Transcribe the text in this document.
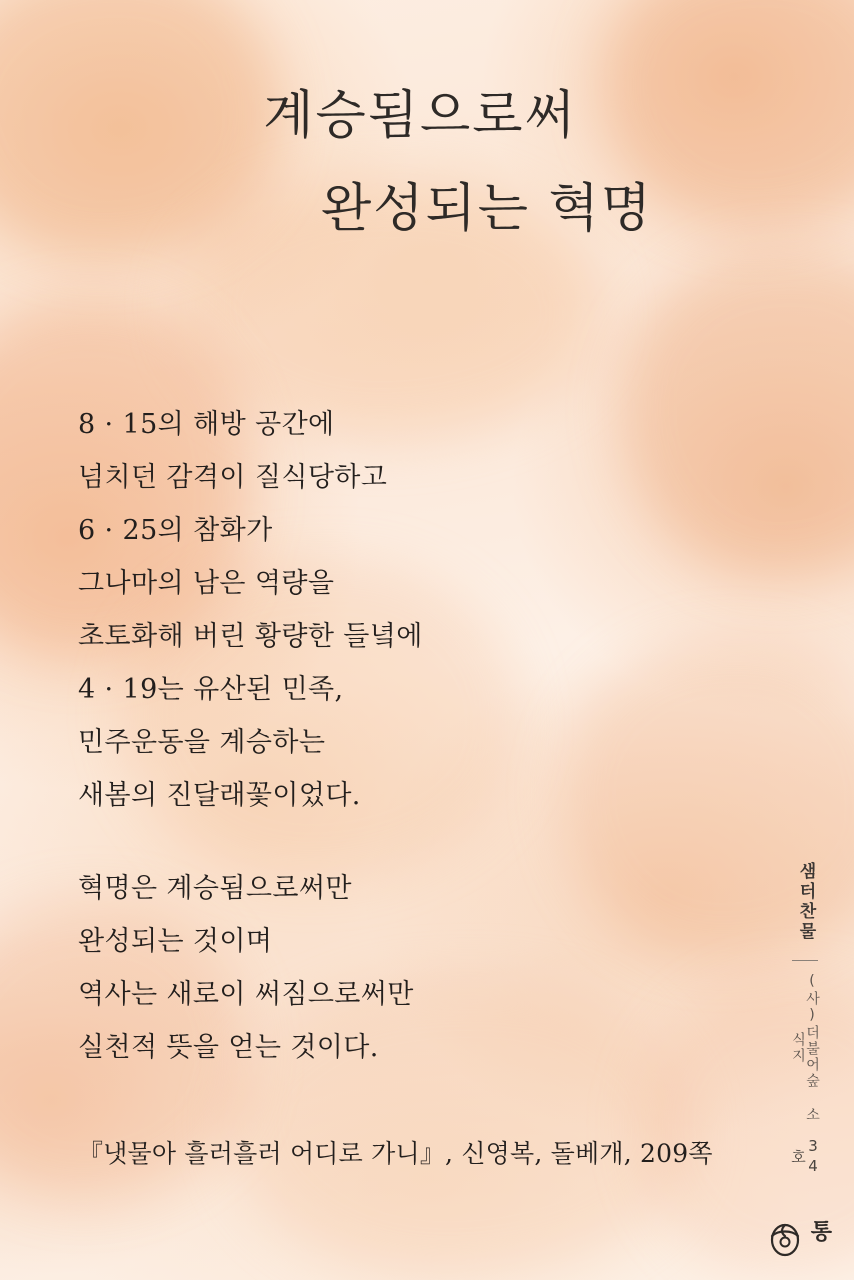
계승됨으로써
완성되는 혁명
8 · 15의 해방 공간에
넘치던 감격이 질식당하고
6 · 25의 참화가
그나마의 남은 역량을
초토화해 버린 황량한 들녘에
4 · 19는 유산된 민족,
민주운동을 계승하는
새봄의 진달래꽃이었다.
혁명은 계승됨으로써만
완성되는 것이며
역사는 새로이 써짐으로써만
실천적 뜻을 얻는 것이다.
『냇물아 흘러흘러 어디로 가니』, 신영복, 돌베개, 209쪽
샘터찬물
(사)더불어숲 소식지
34호
통
